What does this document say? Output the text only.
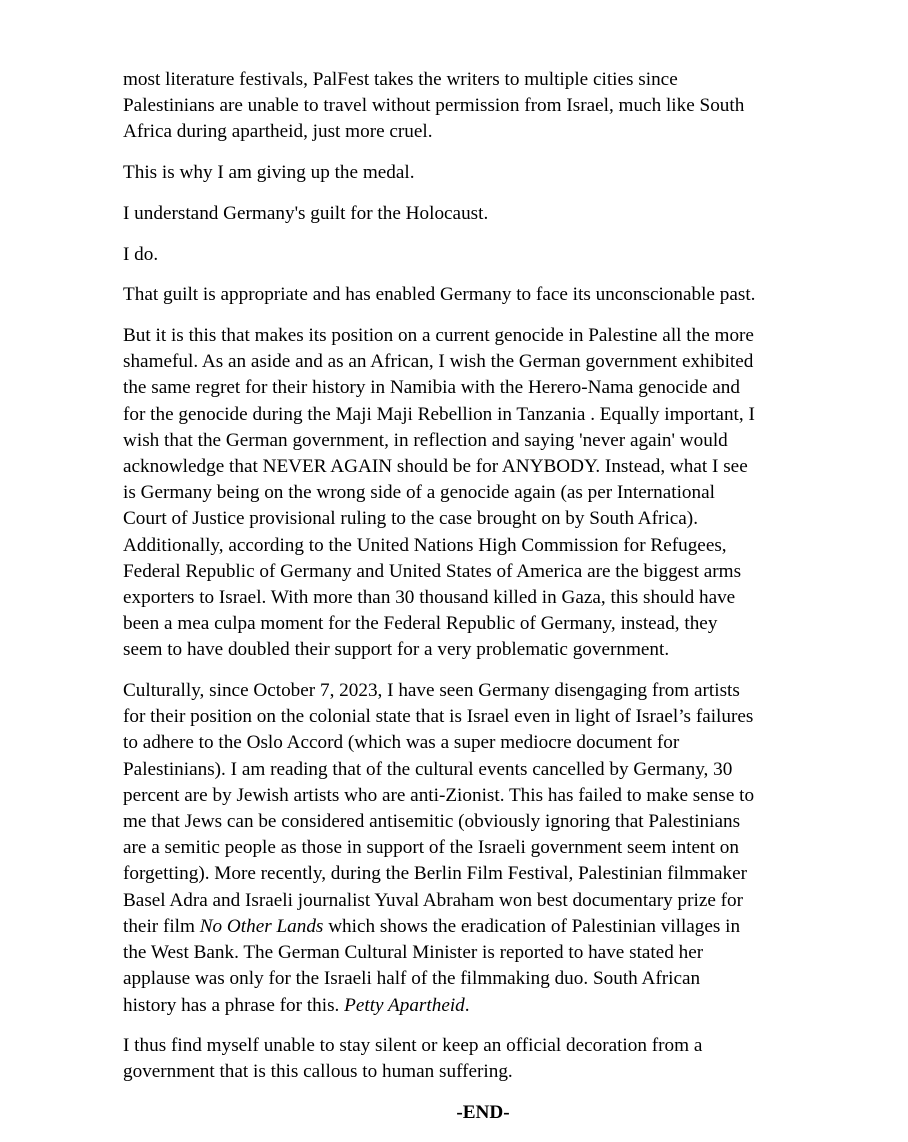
most literature festivals, PalFest takes the writers to multiple cities since
Palestinians are unable to travel without permission from Israel, much like South
Africa during apartheid, just more cruel.

This is why I am giving up the medal.

I understand Germany's guilt for the Holocaust.

I do.

That guilt is appropriate and has enabled Germany to face its unconscionable past.

But it is this that makes its position on a current genocide in Palestine all the more
shameful. As an aside and as an African, I wish the German government exhibited
the same regret for their history in Namibia with the Herero-Nama genocide and
for the genocide during the Maji Maji Rebellion in Tanzania . Equally important, I
wish that the German government, in reflection and saying 'never again' would
acknowledge that NEVER AGAIN should be for ANYBODY. Instead, what I see
is Germany being on the wrong side of a genocide again (as per International
Court of Justice provisional ruling to the case brought on by South Africa).
Additionally, according to the United Nations High Commission for Refugees,
Federal Republic of Germany and United States of America are the biggest arms
exporters to Israel. With more than 30 thousand killed in Gaza, this should have
been a mea culpa moment for the Federal Republic of Germany, instead, they
seem to have doubled their support for a very problematic government.

Culturally, since October 7, 2023, I have seen Germany disengaging from artists
for their position on the colonial state that is Israel even in light of Israel’s failures
to adhere to the Oslo Accord (which was a super mediocre document for
Palestinians). I am reading that of the cultural events cancelled by Germany, 30
percent are by Jewish artists who are anti-Zionist. This has failed to make sense to
me that Jews can be considered antisemitic (obviously ignoring that Palestinians
are a semitic people as those in support of the Israeli government seem intent on
forgetting). More recently, during the Berlin Film Festival, Palestinian filmmaker
Basel Adra and Israeli journalist Yuval Abraham won best documentary prize for
their film No Other Lands which shows the eradication of Palestinian villages in
the West Bank. The German Cultural Minister is reported to have stated her
applause was only for the Israeli half of the filmmaking duo. South African
history has a phrase for this. Petty Apartheid.

I thus find myself unable to stay silent or keep an official decoration from a
government that is this callous to human suffering.

-END-
